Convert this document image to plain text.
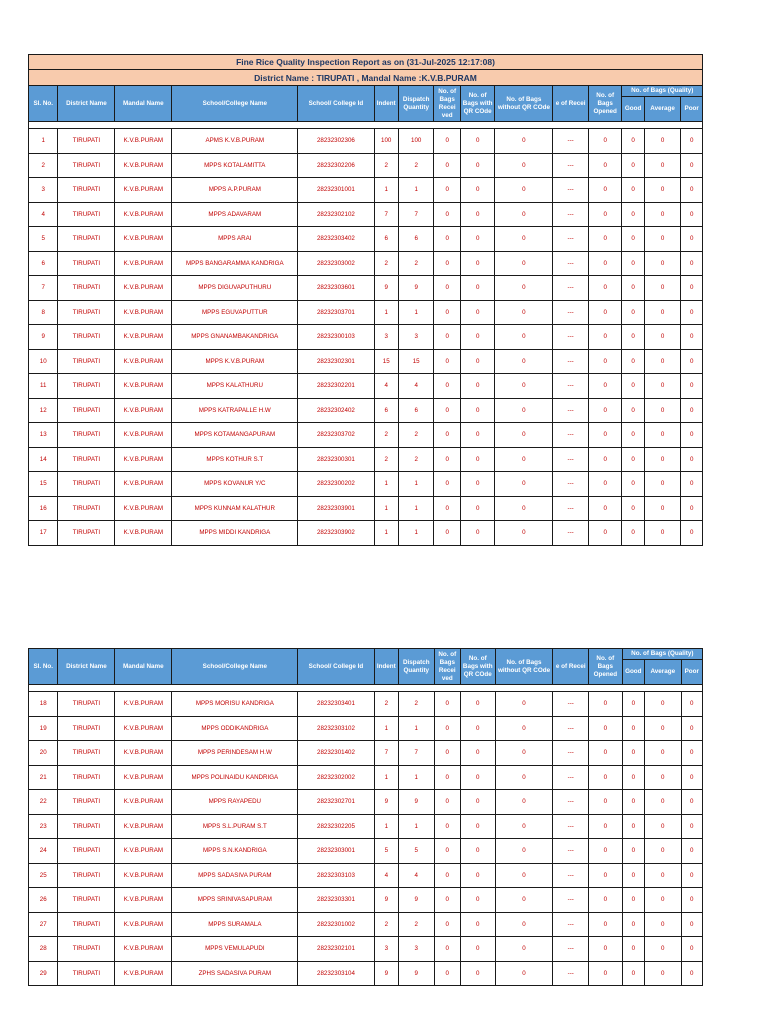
Fine Rice Quality Inspection Report as on (31-Jul-2025 12:17:08)														
District Name : TIRUPATI , Mandal Name :K.V.B.PURAM														
Sl. No.	District Name	Mandal Name	School/College Name	School/ College Id	Indent	Dispatch Quantity	No. of Bags Recei ved	No. of Bags with QR COde	No. of Bags without QR COde	e of Recei	No. of Bags Opened	No. of Bags (Quality)		
												Good	Average	Poor

1	TIRUPATI	K.V.B.PURAM	APMS K.V.B.PURAM	28232302306	100	100	0	0	0	---	0	0	0	0
2	TIRUPATI	K.V.B.PURAM	MPPS KOTALAMITTA	28232302206	2	2	0	0	0	---	0	0	0	0
3	TIRUPATI	K.V.B.PURAM	MPPS A.P.PURAM	28232301001	1	1	0	0	0	---	0	0	0	0
4	TIRUPATI	K.V.B.PURAM	MPPS ADAVARAM	28232302102	7	7	0	0	0	---	0	0	0	0
5	TIRUPATI	K.V.B.PURAM	MPPS ARAI	28232303402	6	6	0	0	0	---	0	0	0	0
6	TIRUPATI	K.V.B.PURAM	MPPS BANGARAMMA KANDRIGA	28232303002	2	2	0	0	0	---	0	0	0	0
7	TIRUPATI	K.V.B.PURAM	MPPS DIGUVAPUTHURU	28232303601	9	9	0	0	0	---	0	0	0	0
8	TIRUPATI	K.V.B.PURAM	MPPS EGUVAPUTTUR	28232303701	1	1	0	0	0	---	0	0	0	0
9	TIRUPATI	K.V.B.PURAM	MPPS GNANAMBAKANDRIGA	28232300103	3	3	0	0	0	---	0	0	0	0
10	TIRUPATI	K.V.B.PURAM	MPPS K.V.B.PURAM	28232302301	15	15	0	0	0	---	0	0	0	0
11	TIRUPATI	K.V.B.PURAM	MPPS KALATHURU	28232302201	4	4	0	0	0	---	0	0	0	0
12	TIRUPATI	K.V.B.PURAM	MPPS KATRAPALLE H.W	28232302402	6	6	0	0	0	---	0	0	0	0
13	TIRUPATI	K.V.B.PURAM	MPPS KOTAMANGAPURAM	28232303702	2	2	0	0	0	---	0	0	0	0
14	TIRUPATI	K.V.B.PURAM	MPPS KOTHUR S.T	28232300301	2	2	0	0	0	---	0	0	0	0
15	TIRUPATI	K.V.B.PURAM	MPPS KOVANUR Y/C	28232300202	1	1	0	0	0	---	0	0	0	0
16	TIRUPATI	K.V.B.PURAM	MPPS KUNNAM KALATHUR	28232303901	1	1	0	0	0	---	0	0	0	0
17	TIRUPATI	K.V.B.PURAM	MPPS MIDDI KANDRIGA	28232303902	1	1	0	0	0	---	0	0	0	0
Sl. No.	District Name	Mandal Name	School/College Name	School/ College Id	Indent	Dispatch Quantity	No. of Bags Recei ved	No. of Bags with QR COde	No. of Bags without QR COde	e of Recei	No. of Bags Opened	No. of Bags (Quality)		
												Good	Average	Poor

18	TIRUPATI	K.V.B.PURAM	MPPS MORISU KANDRIGA	28232303401	2	2	0	0	0	---	0	0	0	0
19	TIRUPATI	K.V.B.PURAM	MPPS ODDIKANDRIGA	28232303102	1	1	0	0	0	---	0	0	0	0
20	TIRUPATI	K.V.B.PURAM	MPPS PERINDESAM H.W	28232301402	7	7	0	0	0	---	0	0	0	0
21	TIRUPATI	K.V.B.PURAM	MPPS POLINAIDU KANDRIGA	28232302002	1	1	0	0	0	---	0	0	0	0
22	TIRUPATI	K.V.B.PURAM	MPPS RAYAPEDU	28232302701	9	9	0	0	0	---	0	0	0	0
23	TIRUPATI	K.V.B.PURAM	MPPS S.L.PURAM S.T	28232302205	1	1	0	0	0	---	0	0	0	0
24	TIRUPATI	K.V.B.PURAM	MPPS S.N.KANDRIGA	28232303001	5	5	0	0	0	---	0	0	0	0
25	TIRUPATI	K.V.B.PURAM	MPPS SADASIVA PURAM	28232303103	4	4	0	0	0	---	0	0	0	0
26	TIRUPATI	K.V.B.PURAM	MPPS SRINIVASAPURAM	28232303301	9	9	0	0	0	---	0	0	0	0
27	TIRUPATI	K.V.B.PURAM	MPPS SURAMALA	28232301002	2	2	0	0	0	---	0	0	0	0
28	TIRUPATI	K.V.B.PURAM	MPPS VEMULAPUDI	28232302101	3	3	0	0	0	---	0	0	0	0
29	TIRUPATI	K.V.B.PURAM	ZPHS SADASIVA PURAM	28232303104	9	9	0	0	0	---	0	0	0	0
